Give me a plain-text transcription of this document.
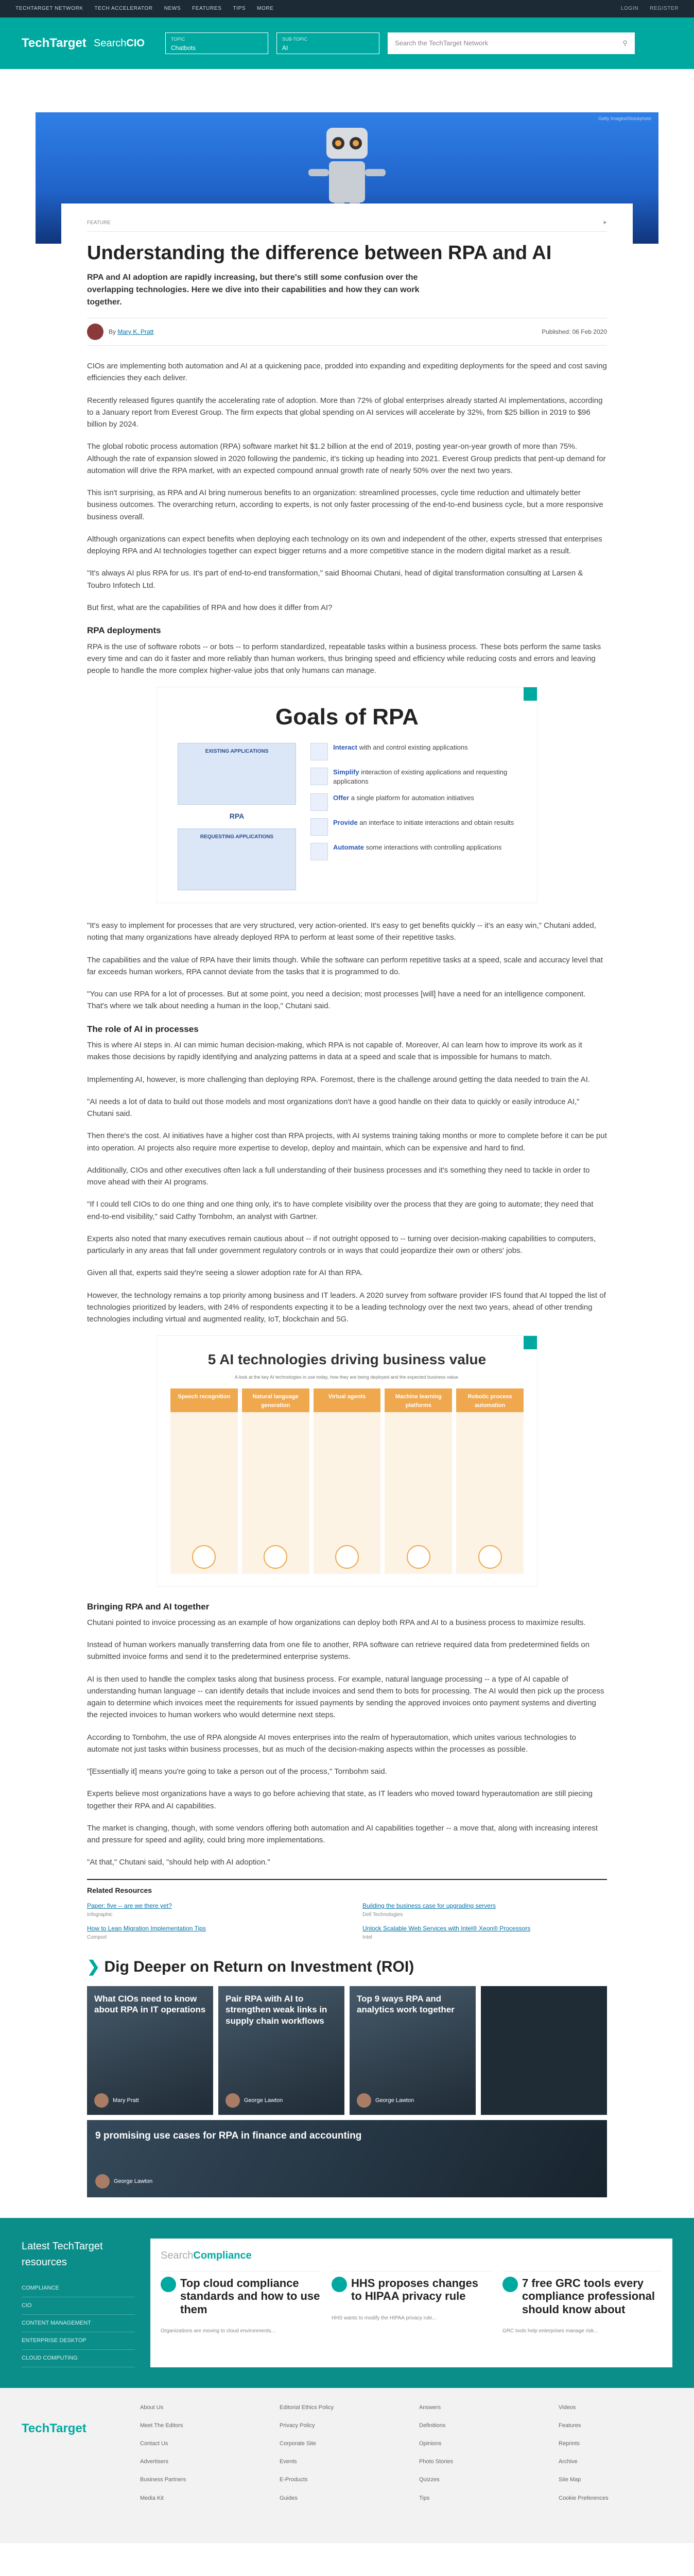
TECHTARGET NETWORK TECH ACCELERATOR NEWS FEATURES TIPS MORE	LOGIN REGISTER
TechTarget SearchCIO	TOPIC
Chatbots
SUB-TOPIC
AI
Search the TechTarget Network	⚲
Getty Images/iStockphoto
FEATURE	➤
Understanding the difference between RPA and AI
RPA and AI adoption are rapidly increasing, but there's still some confusion over the overlapping technologies. Here we dive into their capabilities and how they can work together.
By
Mary K. Pratt	Published: 06 Feb 2020

CIOs are implementing both automation and AI at a quickening pace, prodded into expanding and expediting deployments for the speed and cost saving efficiencies they each deliver.

Recently released figures quantify the accelerating rate of adoption. More than 72% of global enterprises already started AI implementations, according to a January report from Everest Group. The firm expects that global spending on AI services will accelerate by 32%, from $25 billion in 2019 to $96 billion by 2024.

The global robotic process automation (RPA) software market hit $1.2 billion at the end of 2019, posting year-on-year growth of more than 75%. Although the rate of expansion slowed in 2020 following the pandemic, it's ticking up heading into 2021. Everest Group predicts that pent-up demand for automation will drive the RPA market, with an expected compound annual growth rate of nearly 50% over the next two years.

This isn't surprising, as RPA and AI bring numerous benefits to an organization: streamlined processes, cycle time reduction and ultimately better business outcomes. The overarching return, according to experts, is not only faster processing of the end-to-end business cycle, but a more responsive business overall.

Although organizations can expect benefits when deploying each technology on its own and independent of the other, experts stressed that enterprises deploying RPA and AI technologies together can expect bigger returns and a more competitive stance in the modern digital market as a result.

"It's always AI plus RPA for us. It's part of end-to-end transformation," said Bhoomai Chutani, head of digital transformation consulting at Larsen & Toubro Infotech Ltd.

But first, what are the capabilities of RPA and how does it differ from AI?

RPA deployments

RPA is the use of software robots -- or bots -- to perform standardized, repeatable tasks within a business process. These bots perform the same tasks every time and can do it faster and more reliably than human workers, thus bringing speed and efficiency while reducing costs and errors and leaving people to handle the more complex higher-value jobs that only humans can manage.

Goals of RPA
EXISTING APPLICATIONS
RPA
REQUESTING APPLICATIONS
Interact with and control existing applications
Simplify interaction of existing applications and requesting applications
Offer a single platform for automation initiatives
Provide an interface to initiate interactions and obtain results
Automate some interactions with controlling applications

"It's easy to implement for processes that are very structured, very action-oriented. It's easy to get benefits quickly -- it's an easy win," Chutani added, noting that many organizations have already deployed RPA to perform at least some of their repetitive tasks.

The capabilities and the value of RPA have their limits though. While the software can perform repetitive tasks at a speed, scale and accuracy level that far exceeds human workers, RPA cannot deviate from the tasks that it is programmed to do.

"You can use RPA for a lot of processes. But at some point, you need a decision; most processes [will] have a need for an intelligence component. That's where we talk about needing a human in the loop," Chutani said.

The role of AI in processes

This is where AI steps in. AI can mimic human decision-making, which RPA is not capable of. Moreover, AI can learn how to improve its work as it makes those decisions by rapidly identifying and analyzing patterns in data at a speed and scale that is impossible for humans to match.

Implementing AI, however, is more challenging than deploying RPA. Foremost, there is the challenge around getting the data needed to train the AI.

"AI needs a lot of data to build out those models and most organizations don't have a good handle on their data to quickly or easily introduce AI," Chutani said.

Then there's the cost. AI initiatives have a higher cost than RPA projects, with AI systems training taking months or more to complete before it can be put into operation. AI projects also require more expertise to develop, deploy and maintain, which can be expensive and hard to find.

Additionally, CIOs and other executives often lack a full understanding of their business processes and it's something they need to tackle in order to move ahead with their AI programs.

"If I could tell CIOs to do one thing and one thing only, it's to have complete visibility over the process that they are going to automate; they need that end-to-end visibility," said Cathy Tornbohm, an analyst with Gartner.

Experts also noted that many executives remain cautious about -- if not outright opposed to -- turning over decision-making capabilities to computers, particularly in any areas that fall under government regulatory controls or in ways that could jeopardize their own or others' jobs.

Given all that, experts said they're seeing a slower adoption rate for AI than RPA.

However, the technology remains a top priority among business and IT leaders. A 2020 survey from software provider IFS found that AI topped the list of technologies prioritized by leaders, with 24% of respondents expecting it to be a leading technology over the next two years, ahead of other trending technologies including virtual and augmented reality, IoT, blockchain and 5G.

5 AI technologies driving business value
A look at the key AI technologies in use today, how they are being deployed and the expected business value.
Speech recognition	Natural language generation
Virtual agents	Machine learning platforms
Robotic process automation
Bringing RPA and AI together

Chutani pointed to invoice processing as an example of how organizations can deploy both RPA and AI to a business process to maximize results.

Instead of human workers manually transferring data from one file to another, RPA software can retrieve required data from predetermined fields on submitted invoice forms and send it to the predetermined enterprise systems.

AI is then used to handle the complex tasks along that business process. For example, natural language processing -- a type of AI capable of understanding human language -- can identify details that include invoices and send them to bots for processing. The AI would then pick up the process again to determine which invoices meet the requirements for issued payments by sending the approved invoices onto payment systems and diverting the rejected invoices to human workers who would determine next steps.

According to Tornbohm, the use of RPA alongside AI moves enterprises into the realm of hyperautomation, which unites various technologies to automate not just tasks within business processes, but as much of the decision-making aspects within the processes as possible.

"[Essentially it] means you're going to take a person out of the process," Tornbohm said.

Experts believe most organizations have a ways to go before achieving that state, as IT leaders who moved toward hyperautomation are still piecing together their RPA and AI capabilities.

The market is changing, though, with some vendors offering both automation and AI capabilities together -- a move that, along with increasing interest and pressure for speed and agility, could bring more implementations.

"At that," Chutani said, "should help with AI adoption."

Related Resources
Paper: five -- are we there yet?
Infographic
Building the business case for upgrading servers
Dell Technologies
How to Lean Migration Implementation Tips
Comport
Unlock Scalable Web Services with Intel® Xeon® Processors
Intel
❯ Dig Deeper on Return on Investment (ROI)
What CIOs need to know about RPA in IT operations
Mary Pratt
Pair RPA with AI to strengthen weak links in supply chain workflows
George Lawton
Top 9 ways RPA and analytics work together
George Lawton
9 promising use cases for RPA in finance and accounting
George Lawton
Latest TechTarget resources
COMPLIANCE
CIO
CONTENT MANAGEMENT
ENTERPRISE DESKTOP
CLOUD COMPUTING
SearchCompliance
Top cloud compliance standards and how to use them

Organizations are moving to cloud environments...

HHS proposes changes to HIPAA privacy rule

HHS wants to modify the HIPAA privacy rule...

7 free GRC tools every compliance professional should know about

GRC tools help enterprises manage risk...

TechTarget
About Us
Meet The Editors
Contact Us
Advertisers
Business Partners
Media Kit
Editorial Ethics Policy
Privacy Policy
Corporate Site
Events
E-Products
Guides
Answers
Definitions
Opinions
Photo Stories
Quizzes
Tips
Videos
Features
Reprints
Archive
Site Map
Cookie Preferences
